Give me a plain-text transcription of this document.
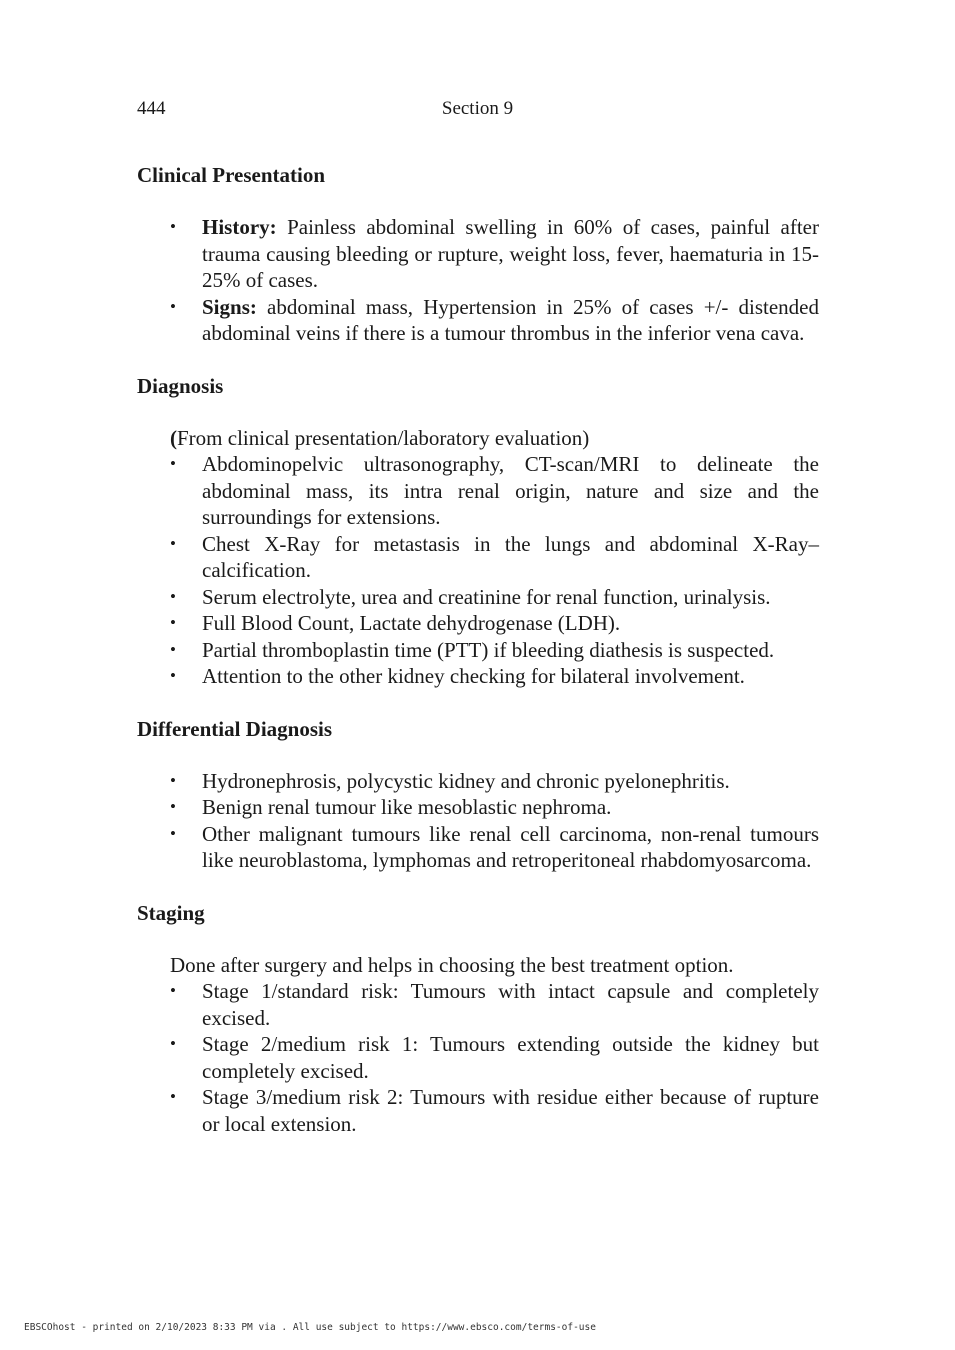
444	Section 9
Clinical Presentation
• History: Painless abdominal swelling in 60% of cases, painful after trauma causing bleeding or rupture, weight loss, fever, haematuria in 15-25% of cases.
• Signs: abdominal mass, Hypertension in 25% of cases +/- distended abdominal veins if there is a tumour thrombus in the inferior vena cava.
Diagnosis

(From clinical presentation/laboratory evaluation)

• Abdominopelvic ultrasonography, CT-scan/MRI to delineate the abdominal mass, its intra renal origin, nature and size and the surroundings for extensions.
• Chest X-Ray for metastasis in the lungs and abdominal X-Ray–calcification.
• Serum electrolyte, urea and creatinine for renal function, urinalysis.
• Full Blood Count, Lactate dehydrogenase (LDH).
• Partial thromboplastin time (PTT) if bleeding diathesis is suspected.
• Attention to the other kidney checking for bilateral involvement.
Differential Diagnosis
• Hydronephrosis, polycystic kidney and chronic pyelonephritis.
• Benign renal tumour like mesoblastic nephroma.
• Other malignant tumours like renal cell carcinoma, non-renal tumours like neuroblastoma, lymphomas and retroperitoneal rhabdomyosarcoma.
Staging

Done after surgery and helps in choosing the best treatment option.

• Stage 1/standard risk: Tumours with intact capsule and completely excised.
• Stage 2/medium risk 1: Tumours extending outside the kidney but completely excised.
• Stage 3/medium risk 2: Tumours with residue either because of rupture or local extension.
EBSCOhost - printed on 2/10/2023 8:33 PM via . All use subject to https://www.ebsco.com/terms-of-use
